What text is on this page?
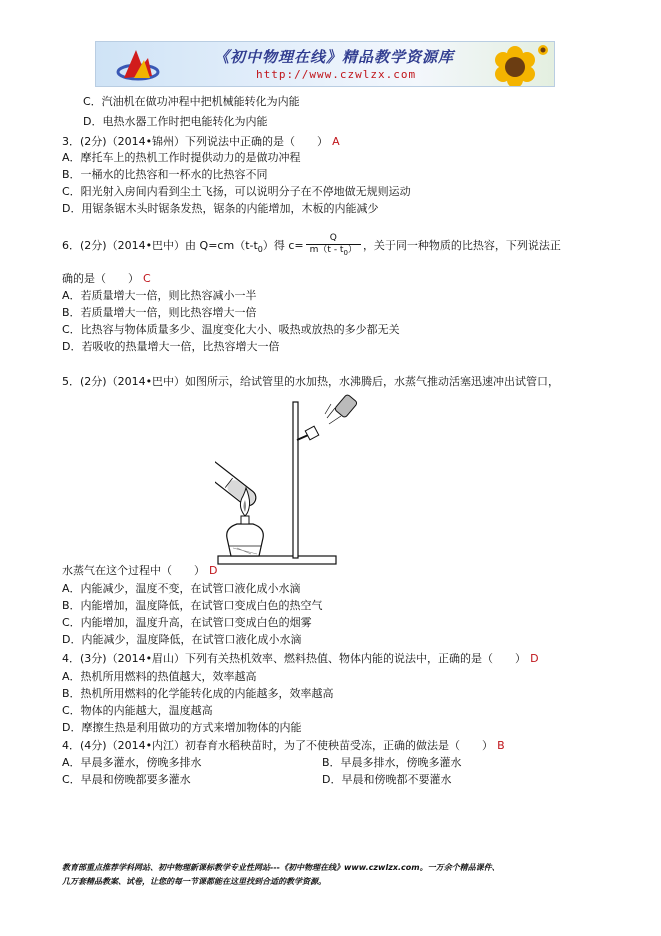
《初中物理在线》精品教学资源库
http://www.czwlzx.com
C．汽油机在做功冲程中把机械能转化为内能
D．电热水器工作时把电能转化为内能
3．(2分)（2014•锦州）下列说法中正确的是（　　） A
A．摩托车上的热机工作时提供动力的是做功冲程
B．一桶水的比热容和一杯水的比热容不同
C．阳光射入房间内看到尘土飞扬，可以说明分子在不停地做无规则运动
D．用锯条锯木头时锯条发热，锯条的内能增加，木板的内能减少
6．(2分)（2014•巴中）由 $Q=cm(t-t_0)$得 $c= \frac{Q}{m(t - t_0)}$ ，关于同一种物质的比热容，下列说法正
确的是（　　） C
A．若质量增大一倍，则比热容减小一半
B．若质量增大一倍，则比热容增大一倍
C．比热容与物体质量多少、温度变化大小、吸热或放热的多少都无关
D．若吸收的热量增大一倍，比热容增大一倍
5．(2分)（2014•巴中）如图所示，给试管里的水加热，水沸腾后，水蒸气推动活塞迅速冲出试管口，
水蒸气在这个过程中（　　） D
A．内能减少，温度不变，在试管口液化成小水滴
B．内能增加，温度降低，在试管口变成白色的热空气
C．内能增加，温度升高，在试管口变成白色的烟雾
D．内能减少，温度降低，在试管口液化成小水滴
4．(3分)（2014•眉山）下列有关热机效率、燃料热值、物体内能的说法中，正确的是（　　） D
A．热机所用燃料的热值越大，效率越高
B．热机所用燃料的化学能转化成的内能越多，效率越高
C．物体的内能越大，温度越高
D．摩擦生热是利用做功的方式来增加物体的内能
4．(4分)（2014•内江）初春育水稻秧苗时，为了不使秧苗受冻，正确的做法是（　　） B
A．早晨多灌水，傍晚多排水	B．早晨多排水，傍晚多灌水
C．早晨和傍晚都要多灌水	D．早晨和傍晚都不要灌水
教育部重点推荐学科网站、初中物理新课标教学专业性网站---《初中物理在线》www.czwlzx.com。一万余个精品课件、
几万套精品教案、试卷，让您的每一节课都能在这里找到合适的教学资源。
